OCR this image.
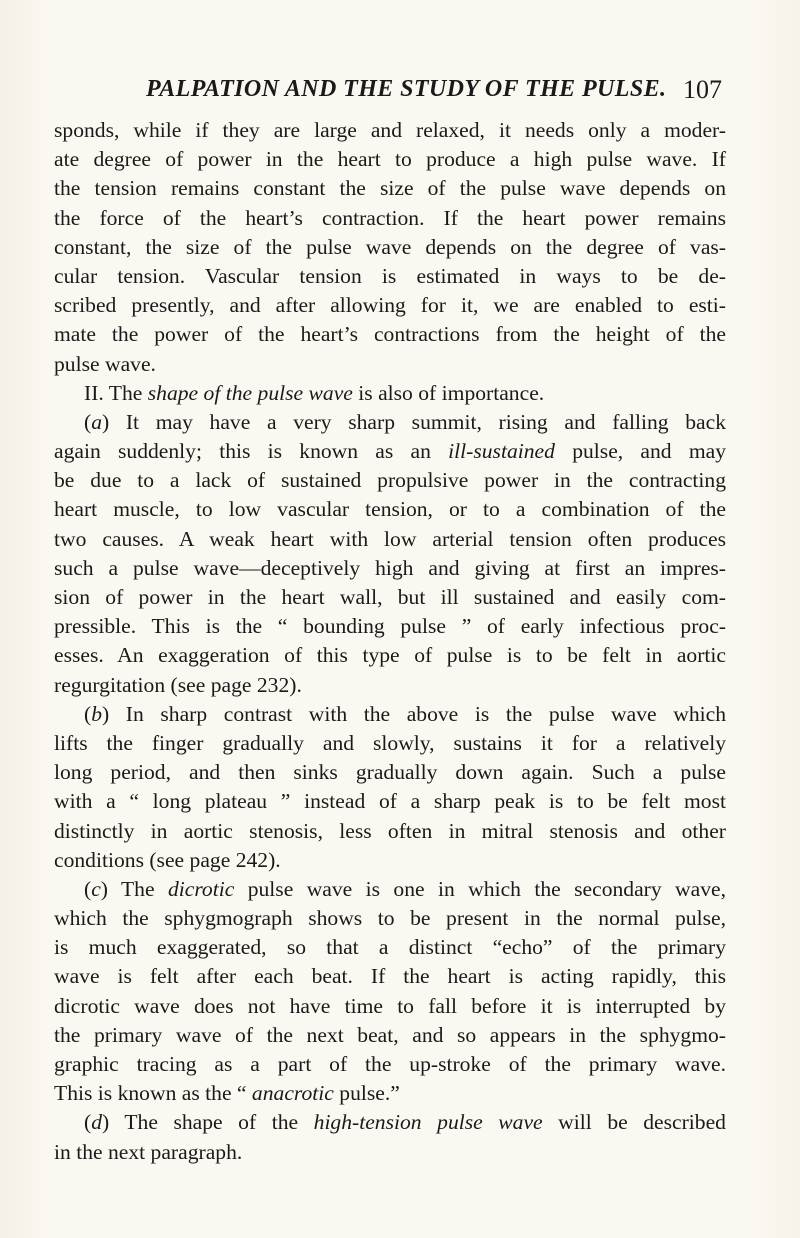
PALPATION AND THE STUDY OF THE PULSE. 107
sponds, while if they are large and relaxed, it needs only a moder-
ate degree of power in the heart to produce a high pulse wave. If
the tension remains constant the size of the pulse wave depends on
the force of the heart’s contraction. If the heart power remains
constant, the size of the pulse wave depends on the degree of vas-
cular tension. Vascular tension is estimated in ways to be de-
scribed presently, and after allowing for it, we are enabled to esti-
mate the power of the heart’s contractions from the height of the
pulse wave.
II. The shape of the pulse wave is also of importance.
(a) It may have a very sharp summit, rising and falling back
again suddenly; this is known as an ill-sustained pulse, and may
be due to a lack of sustained propulsive power in the contracting
heart muscle, to low vascular tension, or to a combination of the
two causes. A weak heart with low arterial tension often produces
such a pulse wave—deceptively high and giving at first an impres-
sion of power in the heart wall, but ill sustained and easily com-
pressible. This is the “ bounding pulse ” of early infectious proc-
esses. An exaggeration of this type of pulse is to be felt in aortic
regurgitation (see page 232).
(b) In sharp contrast with the above is the pulse wave which
lifts the finger gradually and slowly, sustains it for a relatively
long period, and then sinks gradually down again. Such a pulse
with a “ long plateau ” instead of a sharp peak is to be felt most
distinctly in aortic stenosis, less often in mitral stenosis and other
conditions (see page 242).
(c) The dicrotic pulse wave is one in which the secondary wave,
which the sphygmograph shows to be present in the normal pulse,
is much exaggerated, so that a distinct “echo” of the primary
wave is felt after each beat. If the heart is acting rapidly, this
dicrotic wave does not have time to fall before it is interrupted by
the primary wave of the next beat, and so appears in the sphygmo-
graphic tracing as a part of the up-stroke of the primary wave.
This is known as the “ anacrotic pulse.”
(d) The shape of the high-tension pulse wave will be described
in the next paragraph.
